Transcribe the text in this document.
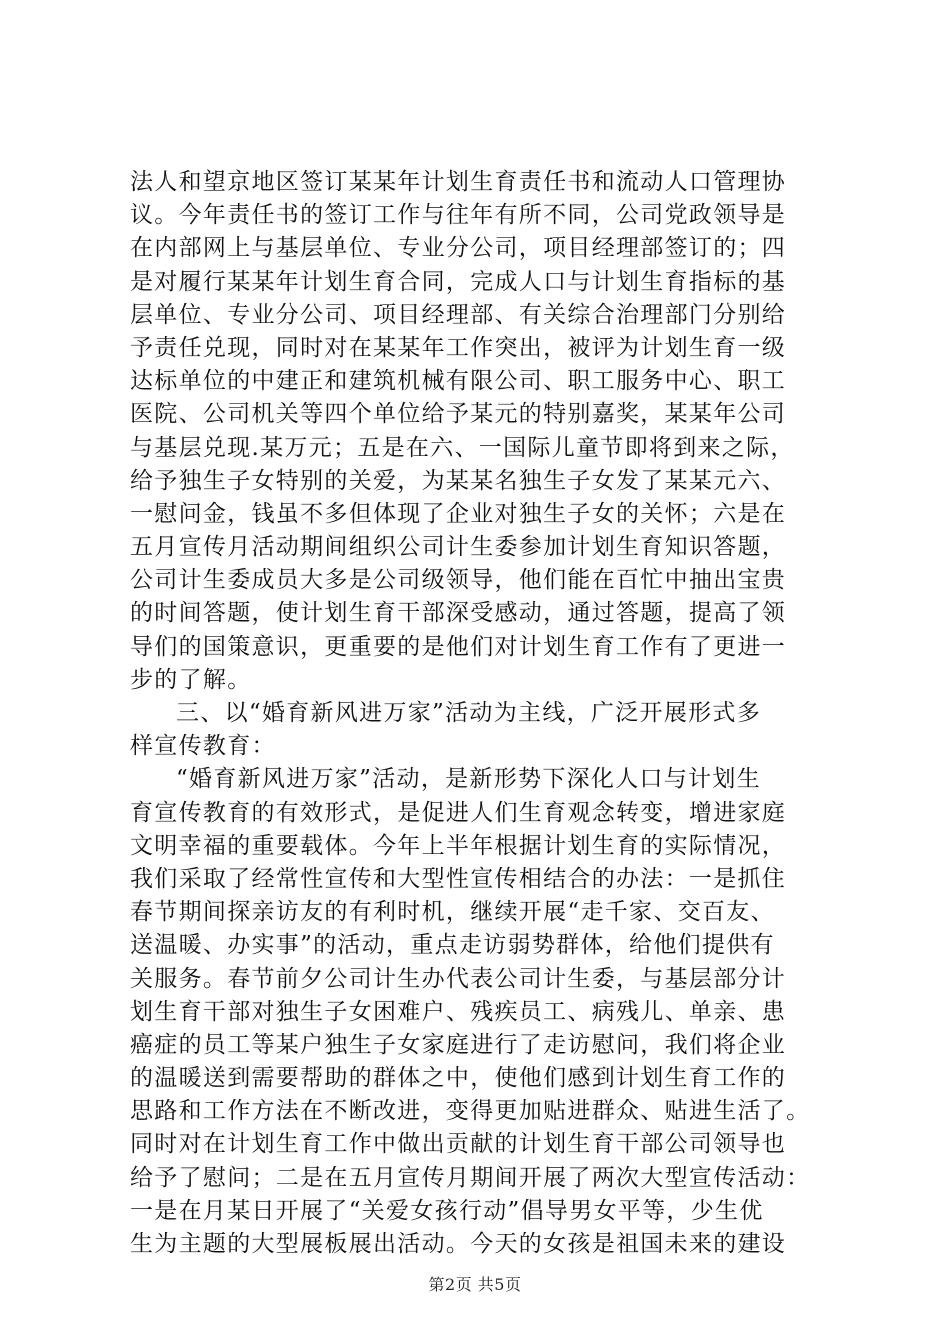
法人和望京地区签订某某年计划生育责任书和流动人口管理协
议。今年责任书的签订工作与往年有所不同，公司党政领导是
在内部网上与基层单位、专业分公司，项目经理部签订的；四
是对履行某某年计划生育合同，完成人口与计划生育指标的基
层单位、专业分公司、项目经理部、有关综合治理部门分别给
予责任兑现，同时对在某某年工作突出，被评为计划生育一级
达标单位的中建正和建筑机械有限公司、职工服务中心、职工
医院、公司机关等四个单位给予某元的特别嘉奖，某某年公司
与基层兑现.某万元；五是在六、一国际儿童节即将到来之际，
给予独生子女特别的关爱，为某某名独生子女发了某某元六、
一慰问金，钱虽不多但体现了企业对独生子女的关怀；六是在
五月宣传月活动期间组织公司计生委参加计划生育知识答题，
公司计生委成员大多是公司级领导，他们能在百忙中抽出宝贵
的时间答题，使计划生育干部深受感动，通过答题，提高了领
导们的国策意识，更重要的是他们对计划生育工作有了更进一
步的了解。
三、以“婚育新风进万家”活动为主线，广泛开展形式多
样宣传教育：
“婚育新风进万家”活动，是新形势下深化人口与计划生
育宣传教育的有效形式，是促进人们生育观念转变，增进家庭
文明幸福的重要载体。今年上半年根据计划生育的实际情况，
我们采取了经常性宣传和大型性宣传相结合的办法：一是抓住
春节期间探亲访友的有利时机，继续开展“走千家、交百友、
送温暖、办实事”的活动，重点走访弱势群体，给他们提供有
关服务。春节前夕公司计生办代表公司计生委，与基层部分计
划生育干部对独生子女困难户、残疾员工、病残儿、单亲、患
癌症的员工等某户独生子女家庭进行了走访慰问，我们将企业
的温暖送到需要帮助的群体之中，使他们感到计划生育工作的
思路和工作方法在不断改进，变得更加贴进群众、贴进生活了。
同时对在计划生育工作中做出贡献的计划生育干部公司领导也
给予了慰问；二是在五月宣传月期间开展了两次大型宣传活动：
一是在月某日开展了“关爱女孩行动”倡导男女平等，少生优
生为主题的大型展板展出活动。今天的女孩是祖国未来的建设
第2页 共5页
